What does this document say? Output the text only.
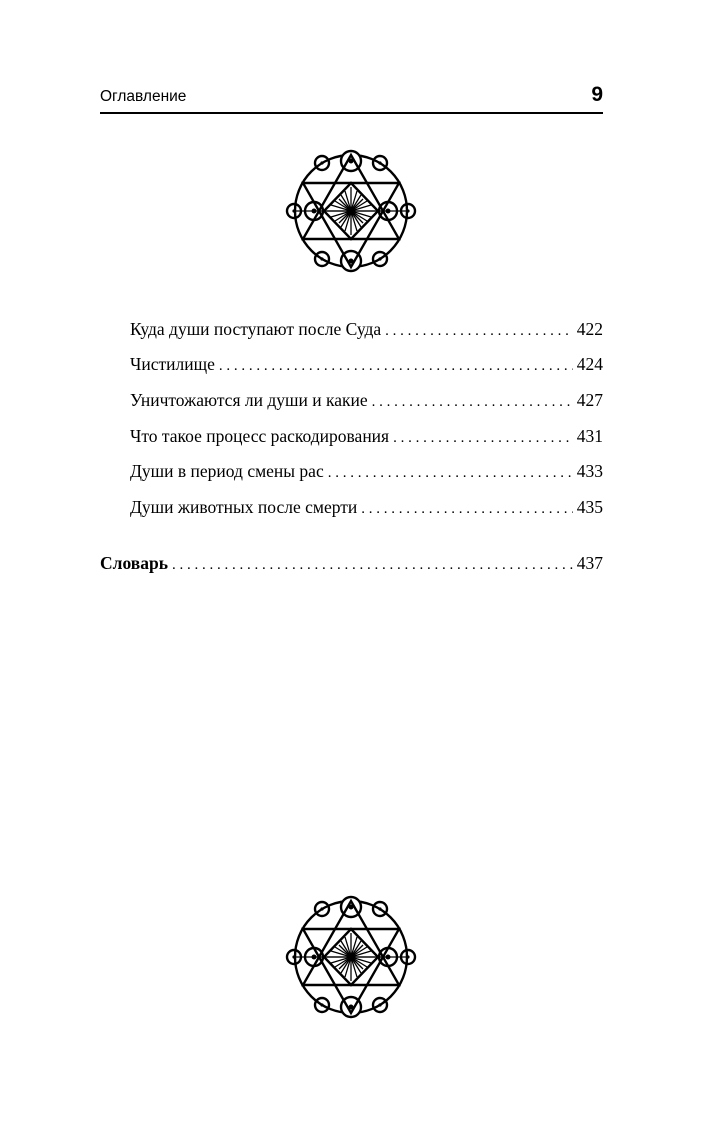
Оглавление	9
Куда души поступают после Суда . . .	422
Чистилище . . .	424
Уничтожаются ли души и какие . . .	427
Что такое процесс раскодирования . . .	431
Души в период смены рас . . .	433
Души животных после смерти . . .	435
Словарь . . .	437
